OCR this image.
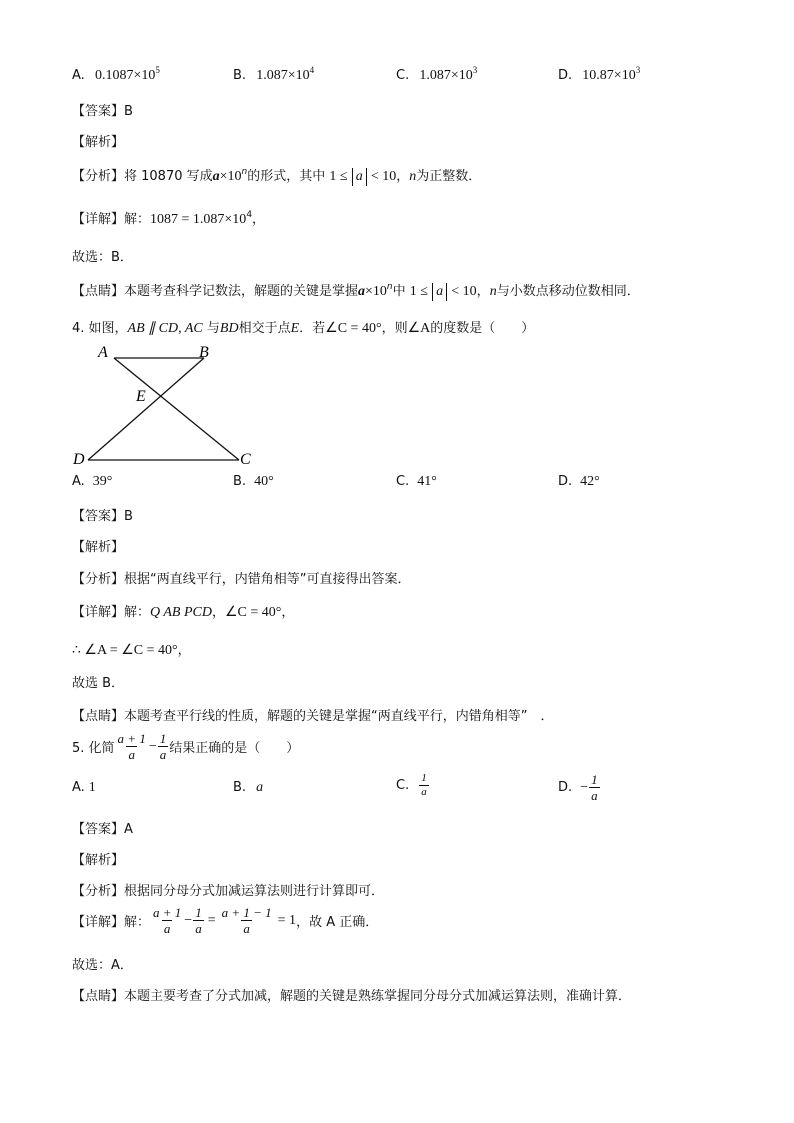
A. $0.1087\times 10^5$	B. $1.087\times 10^4$	C. $1.087\times 10^3$	D. $10.87\times 10^3$
【答案】B
【解析】
【分析】将 10870 写成$a\times 10^n$的形式，其中 1 ≤ a < 10，n为正整数．
【详解】解：$1087 = 1.087\times 10^4$，
故选：B．
【点睛】本题考查科学记数法，解题的关键是掌握$a\times 10^n$中 1 ≤ a < 10，n与小数点移动位数相同．
4. 如图，AB ∥ CD, AC 与BD相交于点E．若∠C = 40°，则∠A的度数是（　　）
A	B
E
D	C
A. 39°	B. 40°	C. 41°	D. 42°
【答案】B
【解析】
【分析】根据“两直线平行，内错角相等”可直接得出答案．
【详解】解：Q AB PCD，∠C = 40°，
∴ ∠A = ∠C = 40°，
故选 B．
【点睛】本题考查平行线的性质，解题的关键是掌握“两直线平行，内错角相等”　．
5. 化简 $\frac{a + 1}{a} - \frac{1}{a}$ 结果正确的是（　　）
A. 1	B. a	C. $\frac{1}{a}$	D. − $\frac{1}{a}$
【答案】A
【解析】
【分析】根据同分母分式加减运算法则进行计算即可．
【详解】解： $\frac{a + 1}{a} - \frac{1}{a} = \frac{a + 1 - 1}{a} = 1$ ，故 A 正确．
故选：A．
【点睛】本题主要考查了分式加减，解题的关键是熟练掌握同分母分式加减运算法则，准确计算．
